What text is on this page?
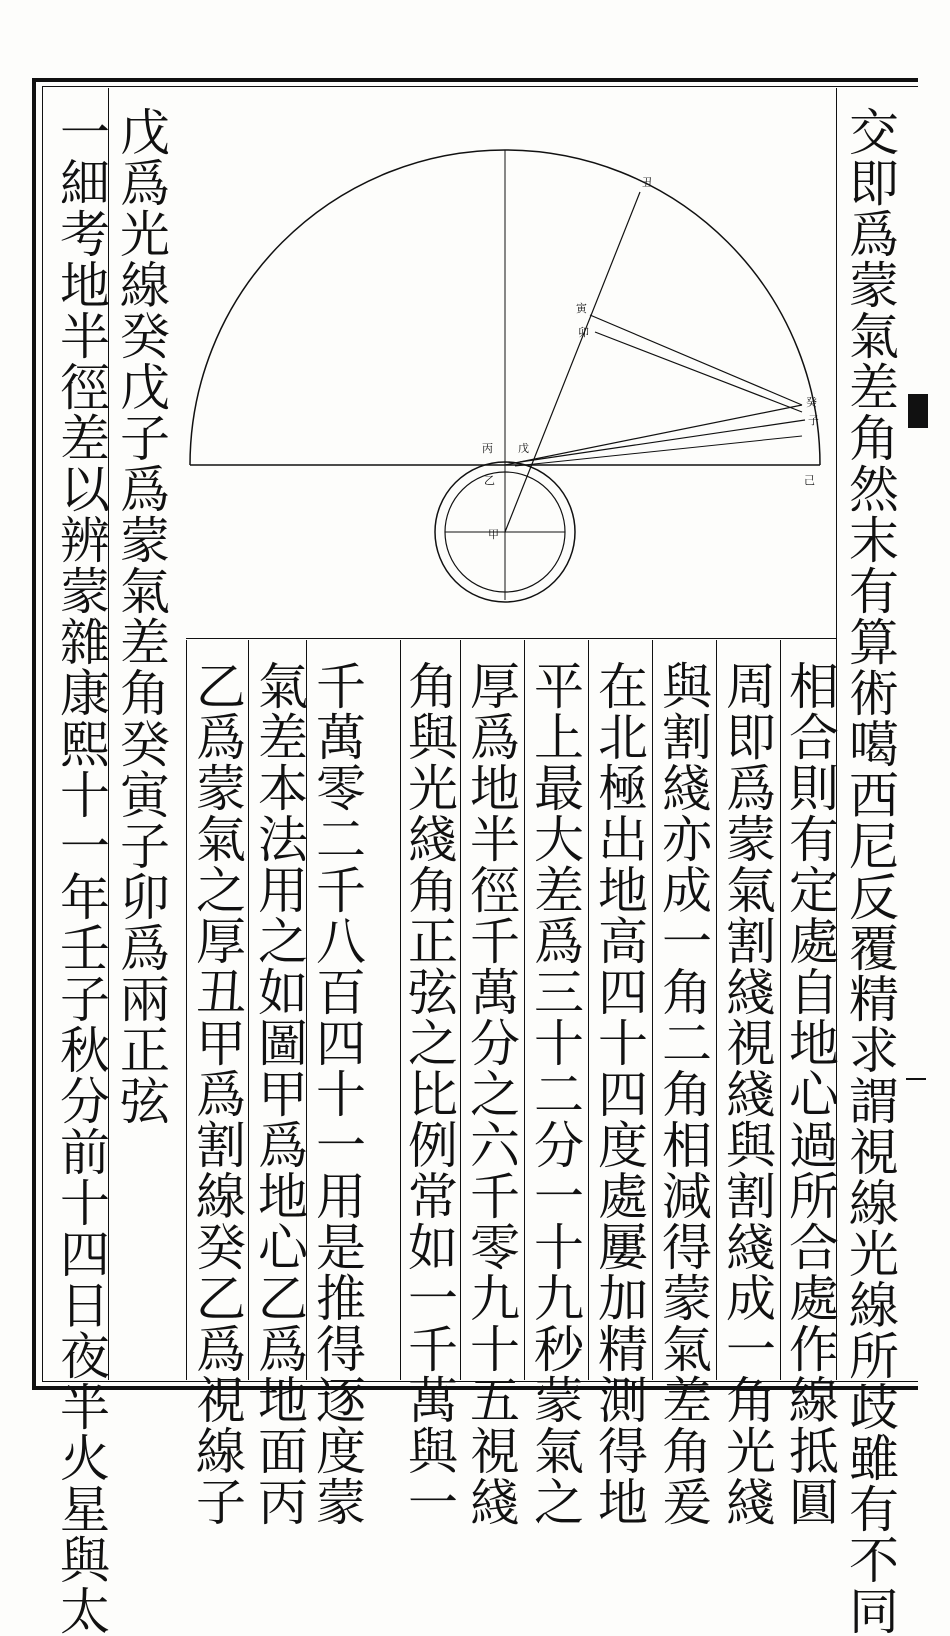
交即爲蒙氣差角然末有算術噶西尼反覆精求謂視線光線所歧雖有不同
相合則有定處自地心過所合處作線抵圓
周即爲蒙氣割綫視綫與割綫成一角光綫
與割綫亦成一角二角相減得蒙氣差角爰
在北極出地高四十四度處屢加精測得地
平上最大差爲三十二分一十九秒蒙氣之
厚爲地半徑千萬分之六千零九十五視綫
角與光綫角正弦之比例常如一千萬與一
千萬零二千八百四十一用是推得逐度蒙
氣差本法用之如圖甲爲地心乙爲地面丙
乙爲蒙氣之厚丑甲爲割線癸乙爲視線子
戊爲光線癸戊子爲蒙氣差角癸寅子卯爲兩正弦
一細考地半徑差以辨蒙雜康熙十一年壬子秋分前十四日夜半火星與太	丑
寅
卯
癸
子
己
丙 戊
乙
甲
